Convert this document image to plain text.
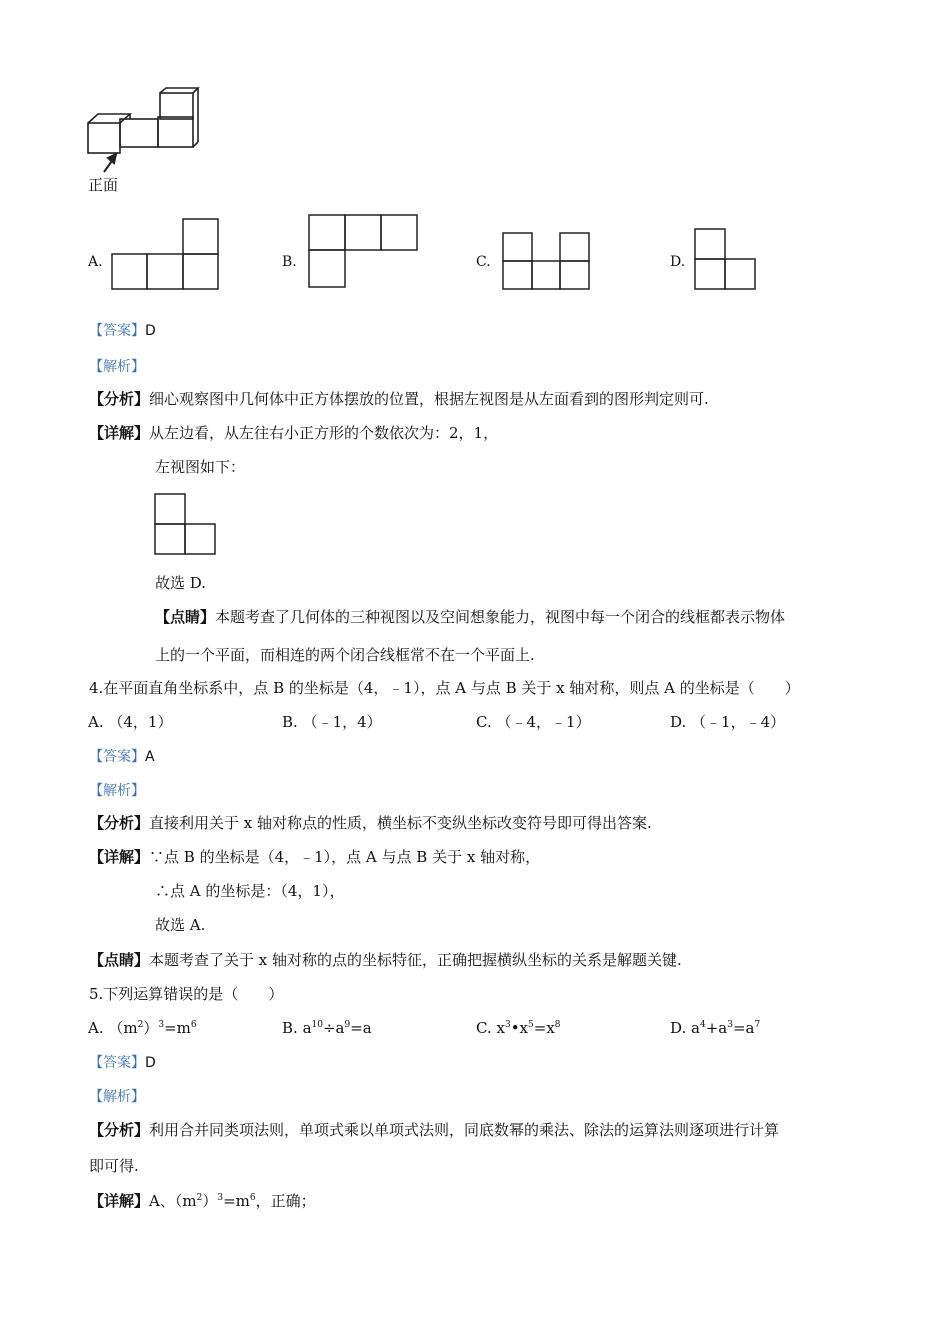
正面
A.	B.	C.	D.
【答案】D
【解析】
【分析】细心观察图中几何体中正方体摆放的位置，根据左视图是从左面看到的图形判定则可.
【详解】从左边看，从左往右小正方形的个数依次为：2，1，
左视图如下：
故选 D.
【点睛】本题考查了几何体的三种视图以及空间想象能力，视图中每一个闭合的线框都表示物体
上的一个平面，而相连的两个闭合线框常不在一个平面上.
4.在平面直角坐标系中，点 B 的坐标是（4，﹣1），点 A 与点 B 关于 x 轴对称，则点 A 的坐标是（　　）
A. （4，1）	B. （﹣1，4）	C. （﹣4，﹣1）	D. （﹣1，﹣4）
【答案】A
【解析】
【分析】直接利用关于 x 轴对称点的性质，横坐标不变纵坐标改变符号即可得出答案.
【详解】∵点 B 的坐标是（4，﹣1），点 A 与点 B 关于 x 轴对称，
∴点 A 的坐标是：（4，1），
故选 A.
【点睛】本题考查了关于 x 轴对称的点的坐标特征，正确把握横纵坐标的关系是解题关键.
5.下列运算错误的是（　　）
A. $(m^2)^3=m^6$	B. $a^{10}\div a^9=a$	C. $x^3•x^5=x^8$	D. $a^4+a^3=a^7$
【答案】D
【解析】
【分析】利用合并同类项法则，单项式乘以单项式法则，同底数幂的乘法、除法的运算法则逐项进行计算
即可得.
【详解】A、$(m^2)^3=m^6$，正确；
